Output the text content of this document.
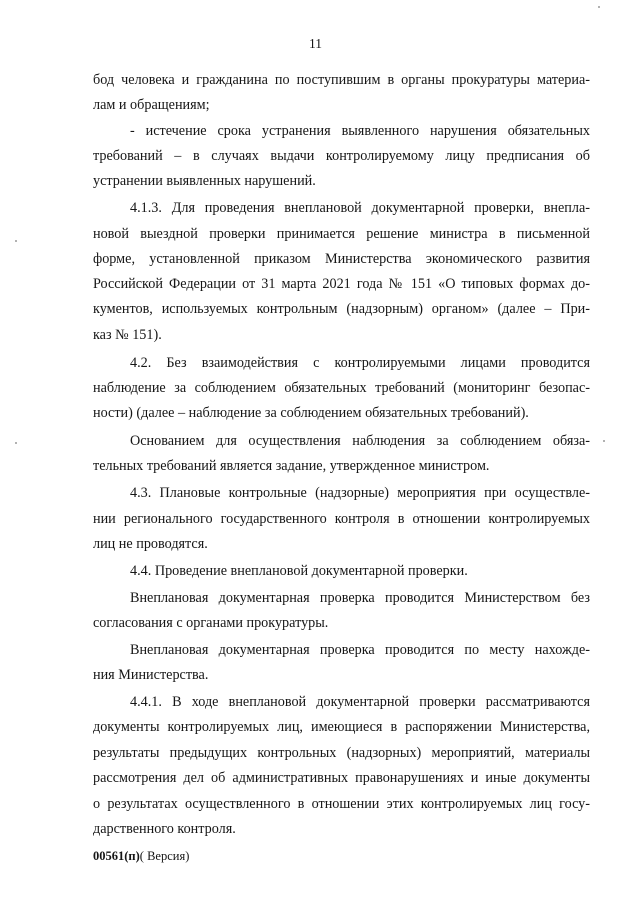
11
бод человека и гражданина по поступившим в органы прокуратуры материа-
лам и обращениям;
- истечение срока устранения выявленного нарушения обязательных
требований – в случаях выдачи контролируемому лицу предписания об
устранении выявленных нарушений.
4.1.3. Для проведения внеплановой документарной проверки, внепла-
новой выездной проверки принимается решение министра в письменной
форме, установленной приказом Министерства экономического развития
Российской Федерации от 31 марта 2021 года № 151 «О типовых формах до-
кументов, используемых контрольным (надзорным) органом» (далее – При-
каз № 151).
4.2. Без взаимодействия с контролируемыми лицами проводится
наблюдение за соблюдением обязательных требований (мониторинг безопас-
ности) (далее – наблюдение за соблюдением обязательных требований).
Основанием для осуществления наблюдения за соблюдением обяза-
тельных требований является задание, утвержденное министром.
4.3. Плановые контрольные (надзорные) мероприятия при осуществле-
нии регионального государственного контроля в отношении контролируемых
лиц не проводятся.
4.4. Проведение внеплановой документарной проверки.
Внеплановая документарная проверка проводится Министерством без
согласования с органами прокуратуры.
Внеплановая документарная проверка проводится по месту нахожде-
ния Министерства.
4.4.1. В ходе внеплановой документарной проверки рассматриваются
документы контролируемых лиц, имеющиеся в распоряжении Министерства,
результаты предыдущих контрольных (надзорных) мероприятий, материалы
рассмотрения дел об административных правонарушениях и иные документы
о результатах осуществленного в отношении этих контролируемых лиц госу-
дарственного контроля.
00561(п)( Версия)
